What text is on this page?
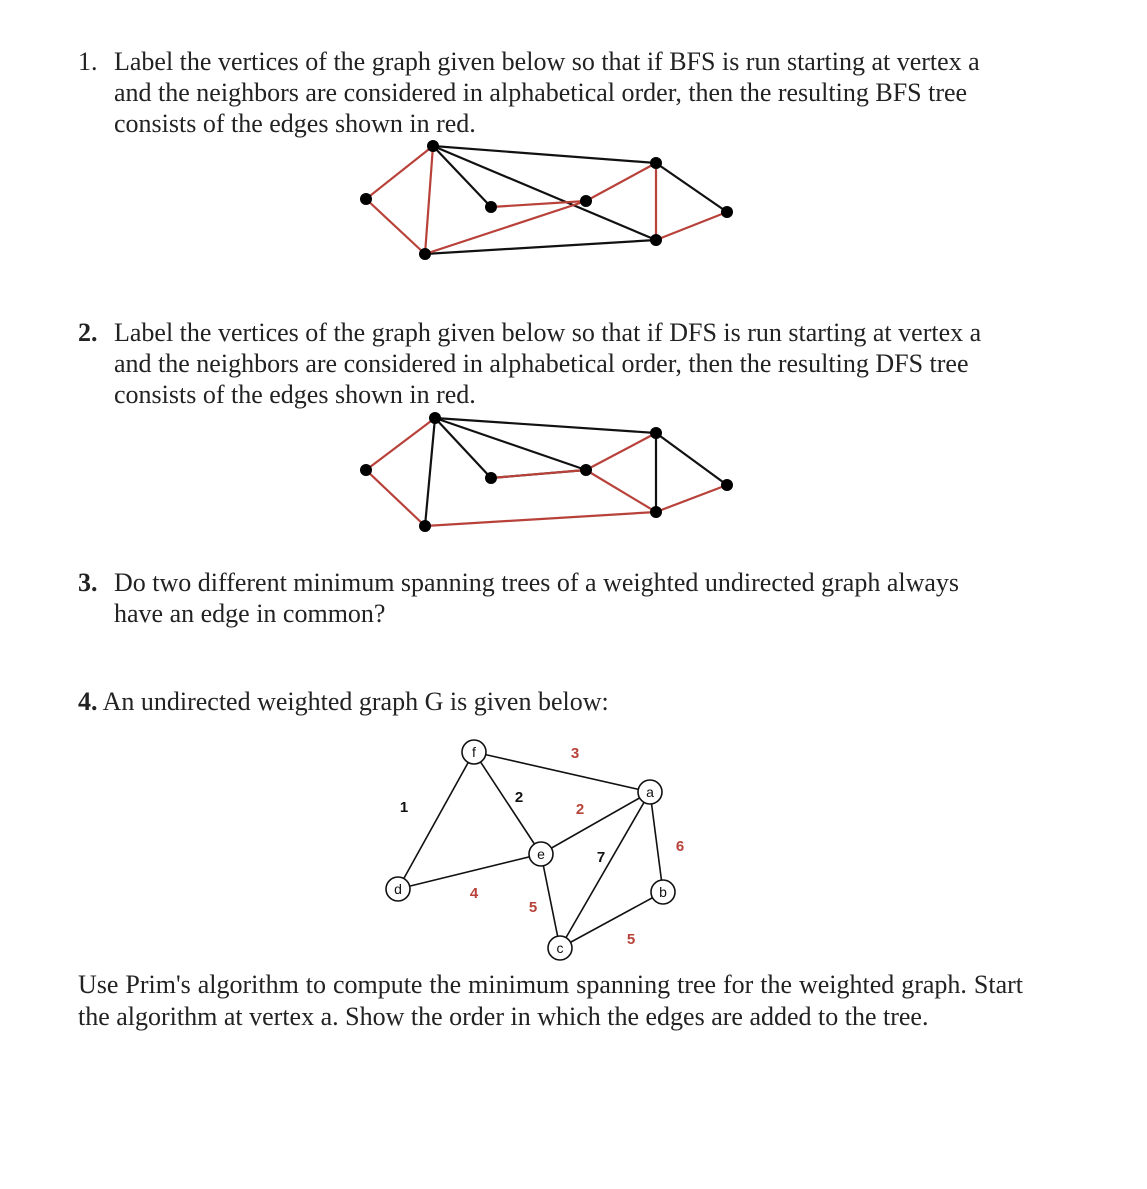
1. Label the vertices of the graph given below so that if BFS is run starting at vertex a
and the neighbors are considered in alphabetical order, then the resulting BFS tree
consists of the edges shown in red.
2. Label the vertices of the graph given below so that if DFS is run starting at vertex a
and the neighbors are considered in alphabetical order, then the resulting DFS tree
consists of the edges shown in red.
3. Do two different minimum spanning trees of a weighted undirected graph always
have an edge in common?
4. An undirected weighted graph G is given below:
3
1
2
2
4
5
7
6
5
f
a
e
d	b
c

Use Prim's algorithm to compute the minimum spanning tree for the weighted graph. Start the algorithm at vertex a. Show the order in which the edges are added to the tree.
